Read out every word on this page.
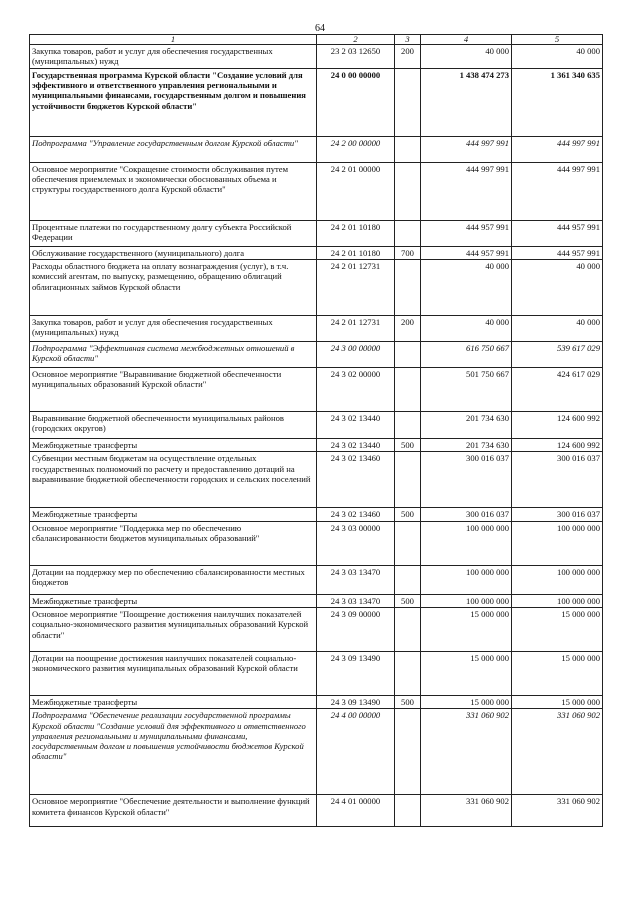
64
1	2	3	4	5
Закупка товаров, работ и услуг для обеспечения государственных (муниципальных) нужд	23 2 03 12650	200	40 000	40 000
Государственная программа Курской области "Создание условий для эффективного и ответственного управления региональными и муниципальными финансами, государственным долгом и повышения устойчивости бюджетов Курской области"	24 0 00 00000		1 438 474 273	1 361 340 635
Подпрограмма "Управление государственным долгом Курской области"	24 2 00 00000		444 997 991	444 997 991
Основное мероприятие "Сокращение стоимости обслуживания путем обеспечения приемлемых и экономически обоснованных объема и структуры государственного долга Курской области"	24 2 01 00000		444 997 991	444 997 991
Процентные платежи по государственному долгу субъекта Российской Федерации	24 2 01 10180		444 957 991	444 957 991
Обслуживание государственного (муниципального) долга	24 2 01 10180	700	444 957 991	444 957 991
Расходы областного бюджета на оплату вознаграждения (услуг), в т.ч. комиссий агентам, по выпуску, размещению, обращению облигаций облигационных займов Курской области	24 2 01 12731		40 000	40 000
Закупка товаров, работ и услуг для обеспечения государственных (муниципальных) нужд	24 2 01 12731	200	40 000	40 000
Подпрограмма "Эффективная система межбюджетных отношений в Курской области"	24 3 00 00000		616 750 667	539 617 029
Основное мероприятие "Выравнивание бюджетной обеспеченности муниципальных образований Курской области"	24 3 02 00000		501 750 667	424 617 029
Выравнивание бюджетной обеспеченности муниципальных районов (городских округов)	24 3 02 13440		201 734 630	124 600 992
Межбюджетные трансферты	24 3 02 13440	500	201 734 630	124 600 992
Субвенции местным бюджетам на осуществление отдельных государственных полномочий по расчету и предоставлению дотаций на выравнивание бюджетной обеспеченности городских и сельских поселений	24 3 02 13460		300 016 037	300 016 037
Межбюджетные трансферты	24 3 02 13460	500	300 016 037	300 016 037
Основное мероприятие "Поддержка мер по обеспечению сбалансированности бюджетов муниципальных образований"	24 3 03 00000		100 000 000	100 000 000
Дотации на поддержку мер по обеспечению сбалансированности местных бюджетов	24 3 03 13470		100 000 000	100 000 000
Межбюджетные трансферты	24 3 03 13470	500	100 000 000	100 000 000
Основное мероприятие "Поощрение достижения наилучших показателей социально-экономического развития муниципальных образований Курской области"	24 3 09 00000		15 000 000	15 000 000
Дотации на поощрение достижения наилучших показателей социально-экономического развития муниципальных образований Курской области	24 3 09 13490		15 000 000	15 000 000
Межбюджетные трансферты	24 3 09 13490	500	15 000 000	15 000 000
Подпрограмма "Обеспечение реализации государственной программы Курской области "Создание условий для эффективного и ответственного управления региональными и муниципальными финансами, государственным долгом и повышения устойчивости бюджетов Курской области"	24 4 00 00000		331 060 902	331 060 902
Основное мероприятие "Обеспечение деятельности и выполнение функций комитета финансов Курской области"	24 4 01 00000		331 060 902	331 060 902
